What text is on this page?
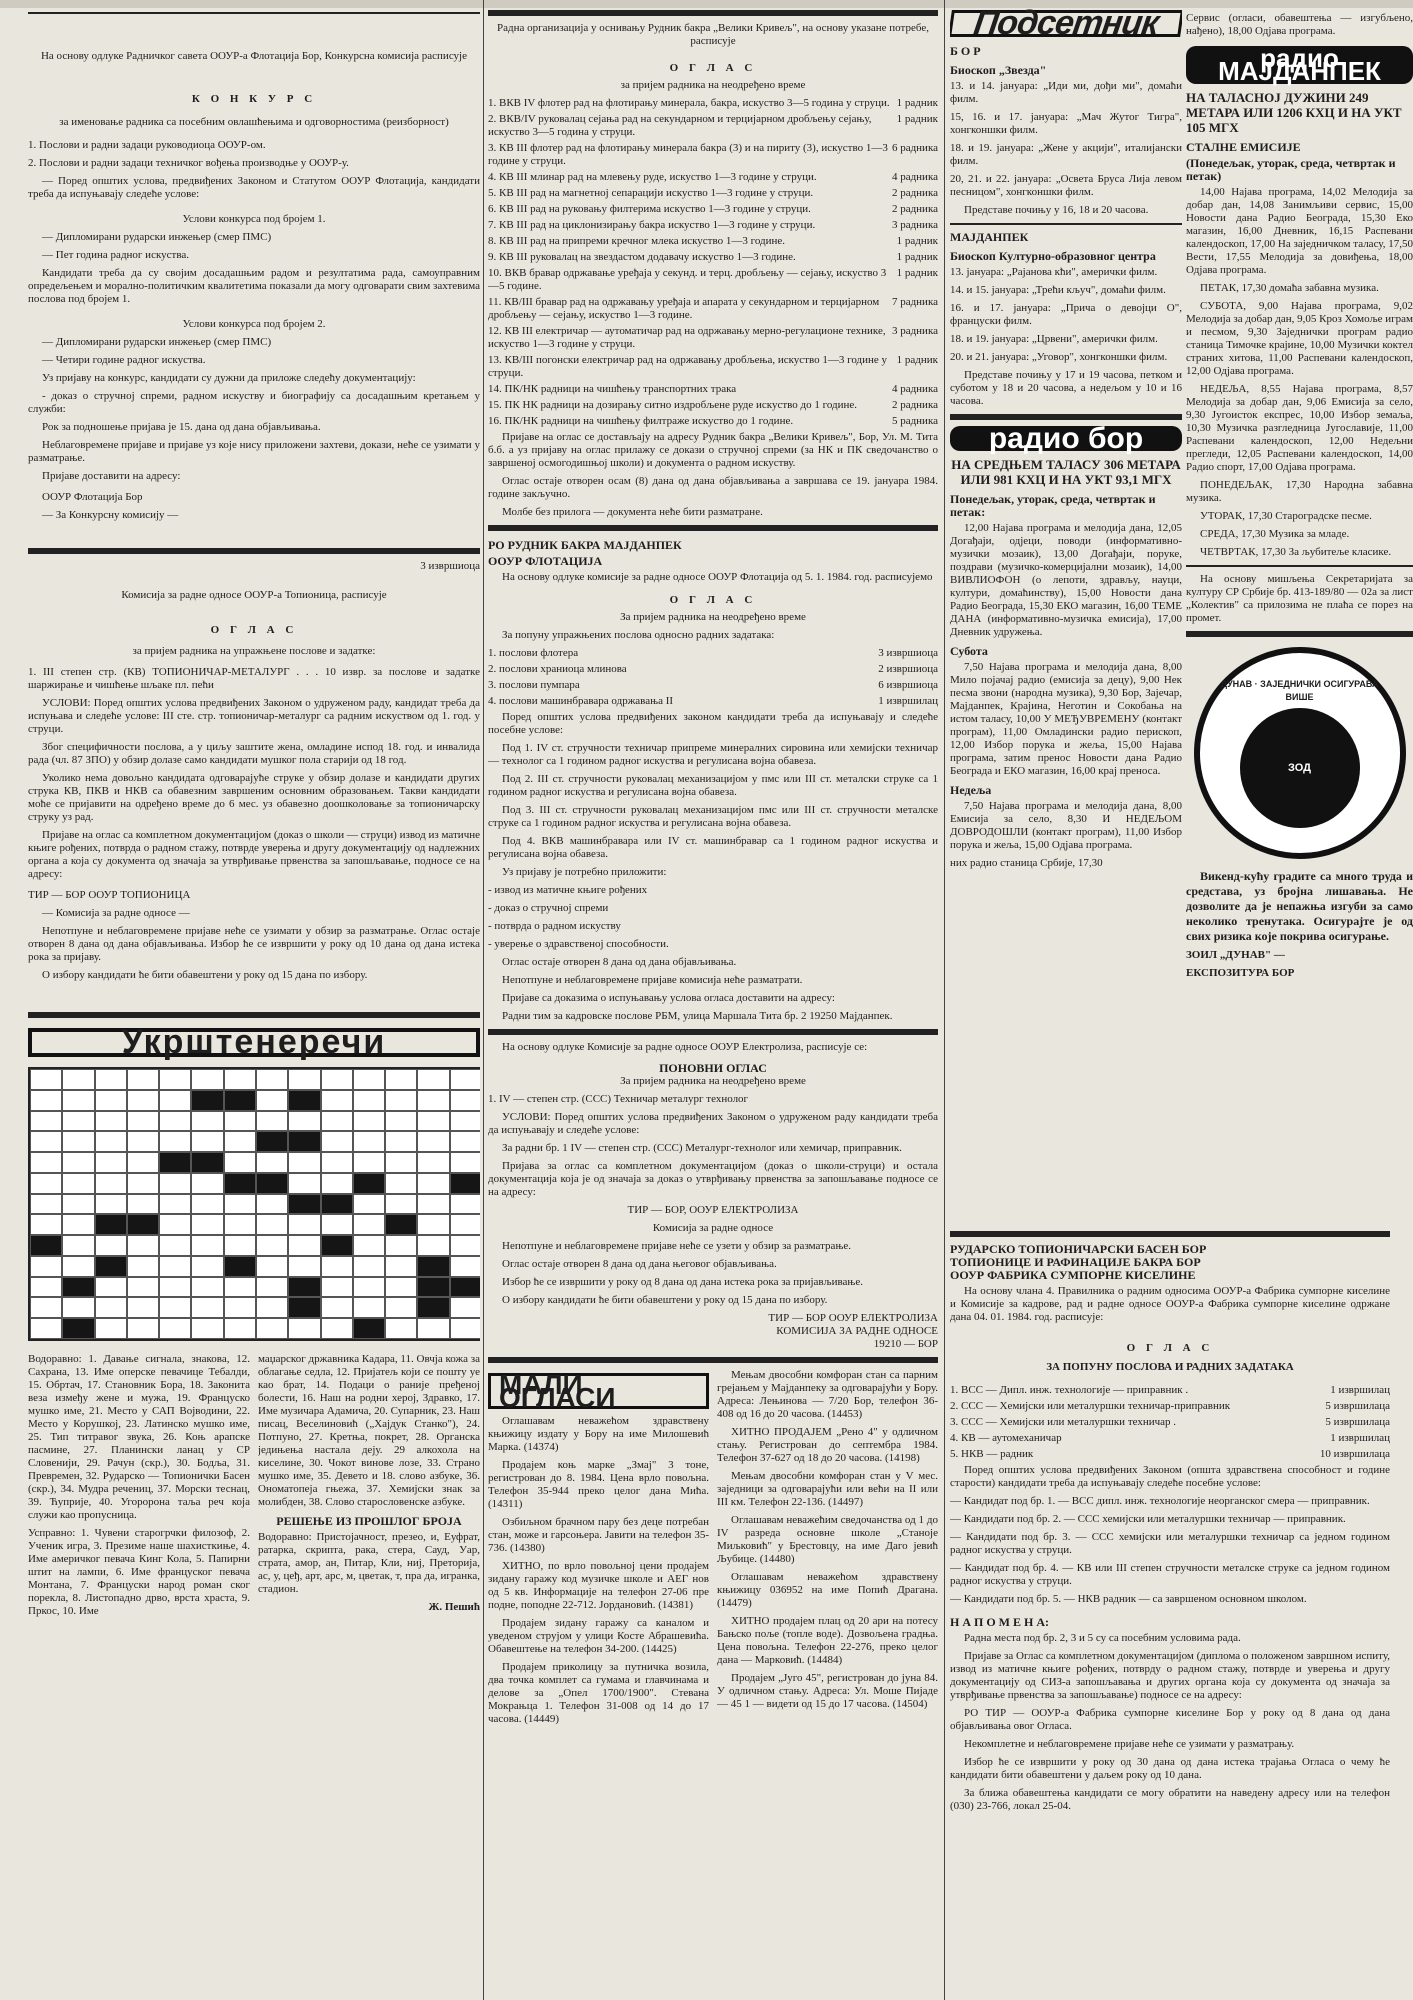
На основу одлуке Радничког савета ООУР-а Флотација Бор, Конкурсна комисија расписује

К О Н К У Р С

за именовање радника са посебним овлашћењима и одговорностима (реизборност)

1. Послови и радни задаци руководиоца ООУР-ом.

2. Послови и радни задаци техничког вођења производње у ООУР-у.

— Поред општих услова, предвиђених Законом и Статутом ООУР Флотација, кандидати треба да испуњавају следеће услове:

Услови конкурса под бројем 1.

— Дипломирани рударски инжењер (смер ПМС)

— Пет година радног искуства.

Кандидати треба да су својим досадашњим радом и резултатима рада, самоуправним опредељењем и морално-политичким квалитетима показали да могу одговарати свим захтевима послова под бројем 1.

Услови конкурса под бројем 2.

— Дипломирани рударски инжењер (смер ПМС)

— Четири године радног искуства.

Уз пријаву на конкурс, кандидати су дужни да приложе следећу документацију:

- доказ о стручној спреми, радном искуству и биографију са досадашњим кретањем у служби:

Рок за подношење пријава је 15. дана од дана објављивања.

Неблаговремене пријаве и пријаве уз које нису приложени захтеви, докази, неће се узимати у разматрање.

Пријаве доставити на адресу:

ООУР Флотација Бор

— За Конкурсну комисију —

3 извршиоца

Комисија за радне односе ООУР-а Топионица, расписује

О Г Л А С

за пријем радника на упражњене послове и задатке:

1. III степен стр. (КВ) ТОПИОНИЧАР-МЕТАЛУРГ . . . 10 извр. за послове и задатке шаржирање и чишћење шљаке пл. пећи

УСЛОВИ: Поред општих услова предвиђених Законом о удруженом раду, кандидат треба да испуњава и следеће услове: III сте. стр. топионичар-металург са радним искуством од 1. год. у струци.

Због специфичности послова, а у циљу заштите жена, омладине испод 18. год. и инвалида рада (чл. 87 ЗПО) у обзир долазе само кандидати мушког пола старији од 18 год.

Уколико нема довољно кандидата одговарајуће струке у обзир долазе и кандидати других струка КВ, ПКВ и НКВ са обавезним завршеним основним образовањем. Такви кандидати моће се пријавити на одређено време до 6 мес. уз обавезно доошколовање за топионичарску струку уз рад.

Пријаве на оглас са комплетном документацијом (доказ о школи — струци) извод из матичне књиге рођених, потврда о радном стажу, потврде уверења и другу документацију од надлежних органа а која су документа од значаја за утврђивање првенства за запошљавање, подносе се на адресу:

ТИР — БОР ООУР ТОПИОНИЦА

— Комисија за радне односе —

Непотпуне и неблаговремене пријаве неће се узимати у обзир за разматрање. Оглас остаје отворен 8 дана од дана објављивања. Избор ће се извршити у року од 10 дана од дана истека рока за пријаву.

О избору кандидати ће бити обавештени у року од 15 дана по избору.

Укрштенеречи

Водоравно: 1. Давање сигнала, знакова, 12. Сахрана, 13. Име оперске певачице Тебалди, 15. Обртач, 17. Становник Бора, 18. Законита веза између жене и мужа, 19. Француско мушко име, 21. Место у САП Војводини, 22. Место у Корушкој, 23. Латинско мушко име, 25. Тип титравог звука, 26. Коњ арапске пасмине, 27. Планински ланац у СР Словенији, 29. Рачун (скр.), 30. Бодља, 31. Превремен, 32. Рударско — Топионички Басен (скр.), 34. Мудра речениц, 37. Морски теснац, 39. Ћуприје, 40. Угоророна таља реч која служи као пропусница.

Усправно: 1. Чувени старогрчки филозоф, 2. Ученик игра, 3. Презиме наше шахисткиње, 4. Име америчког певача Кинг Кола, 5. Папирни штит на лампи, 6. Име француског певача Монтана, 7. Француски народ роман ског порекла, 8. Листопадно дрво, врста храста, 9. Пркос, 10. Име

маџарског државника Кадара, 11. Овчја кожа за облагање седла, 12. Пријатељ који се пошту уе као брат, 14. Подаци о раније пређеној болести, 16. Наш на родни херој, Здравко, 17. Име музичара Адамича, 20. Супарник, 23. Наш писац, Веселиновић („Хајдук Станко"), 24. Потпуно, 27. Кретња, покрет, 28. Органска једињења настала деју. 29 алкохола на киселине, 30. Чокот винове лозе, 33. Страно мушко име, 35. Девето и 18. слово азбуке, 36. Ономатопеја гњежа, 37. Хемијски знак за молибден, 38. Слово старословенске азбуке.

РЕШЕЊЕ ИЗ ПРОШЛОГ БРОЈА

Водоравно: Пристојачност, презео, и, Еуфрат, ратарка, скрипта, рака, стера, Сауд, Уар, страта, амор, ан, Питар, Кли, ниј, Преторија, ас, у, цеђ, арт, арс, м, цветак, т, пра да, игранка, стадион.

Ж. Пешић

Радна организација у оснивању Рудник бакра „Велики Кривељ", на основу указане потребе, расписује

О Г Л А С

за пријем радника на неодређено време

1. ВКВ IV флотер рад на флотирању минерала, бакра, искуство 3—5 година у струци. 1 радник
2. ВКВ/IV руковалац сејања рад на секундарном и терцијарном дробљењу сејању, искуство 3—5 година у струци.
1 радник
3. КВ III флотер рад на флотирању минерала бакра (3) и на пириту (3), искуство 1—3 године у струци.
6 радника
4. КВ III млинар рад на млевењу руде, искуство 1—3 године у струци.	4 радника
5. КВ III рад на магнетној сепарацији искуство 1—3 године у струци.	2 радника
6. КВ III рад на руковању филтерима искуство 1—3 године у струци.	2 радника
7. КВ III рад на циклонизирању бакра искуство 1—3 године у струци.	3 радника
8. КВ III рад на припреми кречног млека искуство 1—3 године.	1 радник
9. КВ III руковалац на звездастом додавачу искуство 1—3 године.	1 радник
10. ВКВ бравар одржавање уређаја у секунд. и терц. дробљењу — сејању, искуство 3—5 године.
1 радник
11. КВ/III бравар рад на одржавању уређаја и апарата у секундарном и терцијарном дробљењу — сејању, искуство 1—3 године.
7 радника
12. КВ III електричар — аутоматичар рад на одржавању мерно-регулационе технике, искуство 1—3 године у струци.
3 радника
13. КВ/III погонски електричар рад на одржавању дробљења, искуство 1—3 године у струци.
1 радник
14. ПК/НК радници на чишћењу транспортних трака	4 радника
15. ПК НК радници на дозирању ситно издробљене руде искуство до 1 године.	2 радника
16. ПК/НК радници на чишћењу филтраже искуство до 1 године.	5 радника

Пријаве на оглас се достављају на адресу Рудник бакра „Велики Кривељ", Бор, Ул. М. Тита б.б. а уз пријаву на оглас прилажу се докази о стручној спреми (за НК и ПК сведочанство о завршеној осмогодишњој школи) и документа о радном искуству.

Оглас остаје отворен осам (8) дана од дана објављивања а завршава се 19. јануара 1984. године закључно.

Молбе без прилога — документа неће бити разматране.

РО РУДНИК БАКРА МАЈДАНПЕК
ООУР ФЛОТАЦИЈА

На основу одлуке комисије за радне односе ООУР Флотација од 5. 1. 1984. год. расписујемо

О Г Л А С

За пријем радника на неодређено време

За попуну упражњених послова односно радних задатака:

1. послови флотера	3 извршиоца
2. послови храниоца млинова	2 извршиоца
3. послови пумпара	6 извршиоца
4. послови машинбравара одржавања II	1 извршилац

Поред општих услова предвиђених законом кандидати треба да испуњавају и следеће посебне услове:

Под 1. IV ст. стручности техничар припреме минералних сировина или хемијски техничар — технолог са 1 годином радног искуства и регулисана војна обавеза.

Под 2. III ст. стручности руковалац механизацијом у пмс или III ст. металски струке са 1 годином радног искуства и регулисана војна обавеза.

Под 3. III ст. стручности руковалац механизацијом пмс или III ст. стручности металске струке са 1 годином радног искуства и регулисана војна обавеза.

Под 4. ВКВ машинбравара или IV ст. машинбравар са 1 годином радног искуства и регулисана војна обавеза.

Уз пријаву је потребно приложити:

- извод из матичне књиге рођених

- доказ о стручној спреми

- потврда о радном искуству

- уверење о здравственој способности.

Оглас остаје отворен 8 дана од дана објављивања.

Непотпуне и неблаговремене пријаве комисија неће разматрати.

Пријаве са доказима о испуњавању услова огласа доставити на адресу:

Радни тим за кадровске послове РБМ, улица Маршала Тита бр. 2 19250 Мајданпек.

На основу одлуке Комисије за радне односе ООУР Електролиза, расписује се:

ПОНОВНИ ОГЛАС

За пријем радника на неодређено време

1. IV — степен стр. (ССС) Техничар металург технолог

УСЛОВИ: Поред општих услова предвиђених Законом о удруженом раду кандидати треба да испуњавају и следеће услове:

За радни бр. 1 IV — степен стр. (ССС) Металург-технолог или хемичар, приправник.

Пријава за оглас са комплетном документацијом (доказ о школи-струци) и остала документација која је од значаја за доказ о утврђивању првенства за запошљавање подносе се на адресу:

ТИР — БОР, ООУР ЕЛЕКТРОЛИЗА

Комисија за радне односе

Непотпуне и неблаговремене пријаве неће се узети у обзир за разматрање.

Оглас остаје отворен 8 дана од дана његовог објављивања.

Избор ће се извршити у року од 8 дана од дана истека рока за пријављивање.

О избору кандидати ће бити обавештени у року од 15 дана по избору.

ТИР — БОР ООУР ЕЛЕКТРОЛИЗА
КОМИСИЈА ЗА РАДНЕ ОДНОСЕ
19210 — БОР
МАЛИ ОГЛАСИ

Оглашавам неважећом здравствену књижицу издату у Бору на име Милошевић Марка. (14374)

Продајем коњ марке „Змај" 3 тоне, регистрован до 8. 1984. Цена врло повољна. Телефон 35-944 преко целог дана Мића. (14311)

Озбиљном брачном пару без деце потребан стан, може и гарсоњера. Јавити на телефон 35-736. (14380)

ХИТНО, по врло повољној цени продајем зидану гаражу код музичке школе и АЕГ нов од 5 кв. Информације на телефон 27-06 пре подне, поподне 22-712. Јордановић. (14381)

Продајем зидану гаражу са каналом и уведеном струјом у улици Косте Абрашевића. Обавештење на телефон 34-200. (14425)

Продајем приколицу за путничка возила, два точка комплет са гумама и главчинама и делове за „Опел 1700/1900". Стевана Мокрањца 1. Телефон 31-008 од 14 до 17 часова. (14449)

Мењам двособни комфоран стан са парним грејањем у Мајданпеку за одговарајући у Бору. Адреса: Лењинова — 7/20 Бор, телефон 36-408 од 16 до 20 часова. (14453)

ХИТНО ПРОДАЈЕМ „Рено 4" у одличном стању. Регистрован до септембра 1984. Телефон 37-627 од 18 до 20 часова. (14198)

Мењам двособни комфоран стан у V мес. заједници за одговарајући или већи на II или III км. Телефон 22-136. (14497)

Оглашавам неважећим сведочанства од 1 до IV разреда основне школе „Станоје Миљковић" у Брестовцу, на име Даго јевић Љубице. (14480)

Оглашавам неважећом здравствену књижицу 036952 на име Попић Драгана. (14479)

ХИТНО продајем плац од 20 ари на потесу Бањско поље (топле воде). Дозвољена градња. Цена повољна. Телефон 22-276, преко целог дана — Марковић. (14484)

Продајем „Југо 45", регистрован до јуна 84. У одличном стању. Адреса: Ул. Моше Пијаде — 45 1 — видети од 15 до 17 часова. (14504)

Подсетник
Б О Р
Биоскоп „Звезда"

13. и 14. јануара: „Иди ми, дођи ми", домаћи филм.

15, 16. и 17. јануара: „Мач Жутог Тигра", хонгконшки филм.

18. и 19. јануара: „Жене у акцији", италијански филм.

20, 21. и 22. јануара: „Освета Бруса Лија левом песницом", хонгконшки филм.

Представе почињу у 16, 18 и 20 часова.

МАЈДАНПЕК
Биоскоп Културно-образовног центра

13. јануара: „Рајанова кћи", амерички филм.

14. и 15. јануара: „Трећи кључ", домаћи филм.

16. и 17. јануара: „Прича о девојци О", француски филм.

18. и 19. јануара: „Црвени", амерички филм.

20. и 21. јануара: „Уговор", хонгконшки филм.

Представе почињу у 17 и 19 часова, петком и суботом у 18 и 20 часова, а недељом у 10 и 16 часова.

радио бор
НА СРЕДЊЕМ ТАЛАСУ 306 МЕТАРА ИЛИ 981 КХЦ И НА УКТ 93,1 МГХ
Понедељак, уторак, среда, четвртак и петак:

12,00 Најава програма и мелодија дана, 12,05 Догађаји, одјеци, поводи (информативно-музички мозаик), 13,00 Догађаји, поруке, поздрави (музичко-комерцијални мозаик), 14,00 ВИВЛИОФОН (о лепоти, здрављу, науци, култури, домаћинству), 15,00 Новости дана Радио Београда, 15,30 ЕКО магазин, 16,00 ТЕМЕ ДАНА (информативно-музичка емисија), 17,00 Дневник удружења.

Субота

7,50 Најава програма и мелодија дана, 8,00 Мило појачај радио (емисија за децу), 9,00 Нек песма звони (народна музика), 9,30 Бор, Зајечар, Мајданпек, Крајина, Неготин и Сокобања на истом таласу, 10,00 У МЕЂУВРЕМЕНУ (контакт програм), 11,00 Омладински радио перископ, 12,00 Избор порука и жеља, 15,00 Најава програма, затим пренос Новости дана Радио Београда и ЕКО магазин, 16,00 крај преноса.

Недеља

7,50 Најава програма и мелодија дана, 8,00 Емисија за село, 8,30 И НЕДЕЉОМ ДОВРОДОШЛИ (контакт програм), 11,00 Избор порука и жеља, 15,00 Одјава програма.

них радио станица Србије, 17,30

Сервис (огласи, обавештења — изгубљено, нађено), 18,00 Одјава програма.

радио МАЈДАНПЕК
НА ТАЛАСНОЈ ДУЖИНИ 249 МЕТАРА ИЛИ 1206 КХЦ И НА УКТ 105 МГХ
СТАЛНЕ ЕМИСИЈЕ
(Понедељак, уторак, среда, четвртак и петак)

14,00 Најава програма, 14,02 Мелодија за добар дан, 14,08 Занимљиви сервис, 15,00 Новости дана Радио Београда, 15,30 Еко магазин, 16,00 Дневник, 16,15 Распевани календоскоп, 17,00 На заједничком таласу, 17,50 Вести, 17,55 Мелодија за довиђења, 18,00 Одјава програма.

ПЕТАК, 17,30 домаћа забавна музика.

СУБОТА, 9,00 Најава програма, 9,02 Мелодија за добар дан, 9,05 Кроз Хомоље играм и песмом, 9,30 Заједнички програм радио станица Тимочке крајине, 10,00 Музички коктел страних хитова, 11,00 Распевани календоскоп, 12,00 Одјава програма.

НЕДЕЉА, 8,55 Најава програма, 8,57 Мелодија за добар дан, 9,06 Емисија за село, 9,30 Југоисток експрес, 10,00 Избор земаља, 10,30 Музичка разгледница Југославије, 11,00 Распевани календоскоп, 12,00 Недељни прегледи, 12,05 Распевани календоскоп, 14,00 Радио спорт, 17,00 Одјава програма.

ПОНЕДЕЉАК, 17,30 Народна забавна музика.

УТОРАК, 17,30 Староградске песме.

СРЕДА, 17,30 Музика за младе.

ЧЕТВРТАК, 17,30 За љубитеље класике.

На основу мишљења Секретаријата за културу СР Србије бр. 413-189/80 — 02а за лист „Колектив" са прилозима не плаћа се порез на промет.

ДУНАВ · ЗАЈЕДНИЧКИ ОСИГУРАВА ВИШЕ
ЗОД

Викенд-кућу градите са много труда и средстава, уз бројна лишавања. Не дозволите да је непажња изгуби за само неколико тренутака. Осигурајте је од свих ризика које покрива осигурање.

ЗОИЛ „ДУНАВ" —

ЕКСПОЗИТУРА БОР

РУДАРСКО ТОПИОНИЧАРСКИ БАСЕН БОР
ТОПИОНИЦЕ И РАФИНАЦИЈЕ БАКРА БОР
ООУР ФАБРИКА СУМПОРНЕ КИСЕЛИНЕ

На основу члана 4. Правилника о радним односима ООУР-а Фабрика сумпорне киселине и Комисије за кадрове, рад и радне односе ООУР-а Фабрика сумпорне киселине одржане дана 04. 01. 1984. год. расписује:

О Г Л А С
ЗА ПОПУНУ ПОСЛОВА И РАДНИХ ЗАДАТАКА
1. ВСС — Дипл. инж. технологије — приправник .	1 извршилац
2. ССС — Хемијски или металуршки техничар-приправник	5 извршилаца
3. ССС — Хемијски или металуршки техничар .	5 извршилаца
4. КВ — аутомеханичар	1 извршилац
5. НКВ — радник	10 извршилаца

Поред општих услова предвиђених Законом (општа здравствена способност и године старости) кандидати треба да испуњавају следеће посебне услове:

— Кандидат под бр. 1. — ВСС дипл. инж. технологије неорганског смера — приправник.

— Кандидати под бр. 2. — ССС хемијски или металуршки техничар — приправник.

— Кандидати под бр. 3. — ССС хемијски или металуршки техничар са једном годином радног искуства у струци.

— Кандидат под бр. 4. — КВ или III степен стручности металске струке са једном годином радног искуства у струци.

— Кандидати под бр. 5. — НКВ радник — са завршеном основном школом.

Н А П О М Е Н А:

Радна места под бр. 2, 3 и 5 су са посебним условима рада.

Пријаве за Оглас са комплетном документацијом (диплома о положеном завршном испиту, извод из матичне књиге рођених, потврду о радном стажу, потврде и уверења и другу документацију од СИЗ-а запошљавања и других органа која су документа од значаја за утврђивање првенства за запошљавање) подносе се на адресу:

РО ТИР — ООУР-а Фабрика сумпорне киселине Бор у року од 8 дана од дана објављивања овог Огласа.

Некомплетне и неблаговремене пријаве неће се узимати у разматрању.

Избор ће се извршити у року од 30 дана од дана истека трајања Огласа о чему ће кандидати бити обавештени у даљем року од 10 дана.

За ближа обавештења кандидати се могу обратити на наведену адресу или на телефон (030) 23-766, локал 25-04.
